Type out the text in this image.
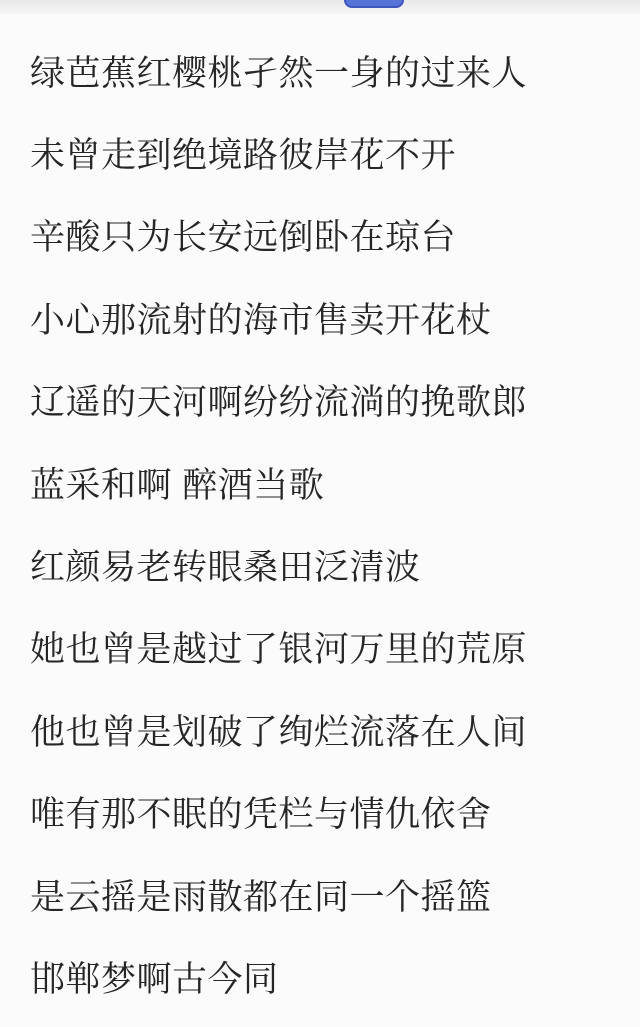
绿芭蕉红樱桃孑然一身的过来人
未曾走到绝境路彼岸花不开
辛酸只为长安远倒卧在琼台
小心那流射的海市售卖开花杖
辽遥的天河啊纷纷流淌的挽歌郎
蓝采和啊 醉酒当歌
红颜易老转眼桑田泛清波
她也曾是越过了银河万里的荒原
他也曾是划破了绚烂流落在人间
唯有那不眠的凭栏与情仇依舍
是云摇是雨散都在同一个摇篮
邯郸梦啊古今同
